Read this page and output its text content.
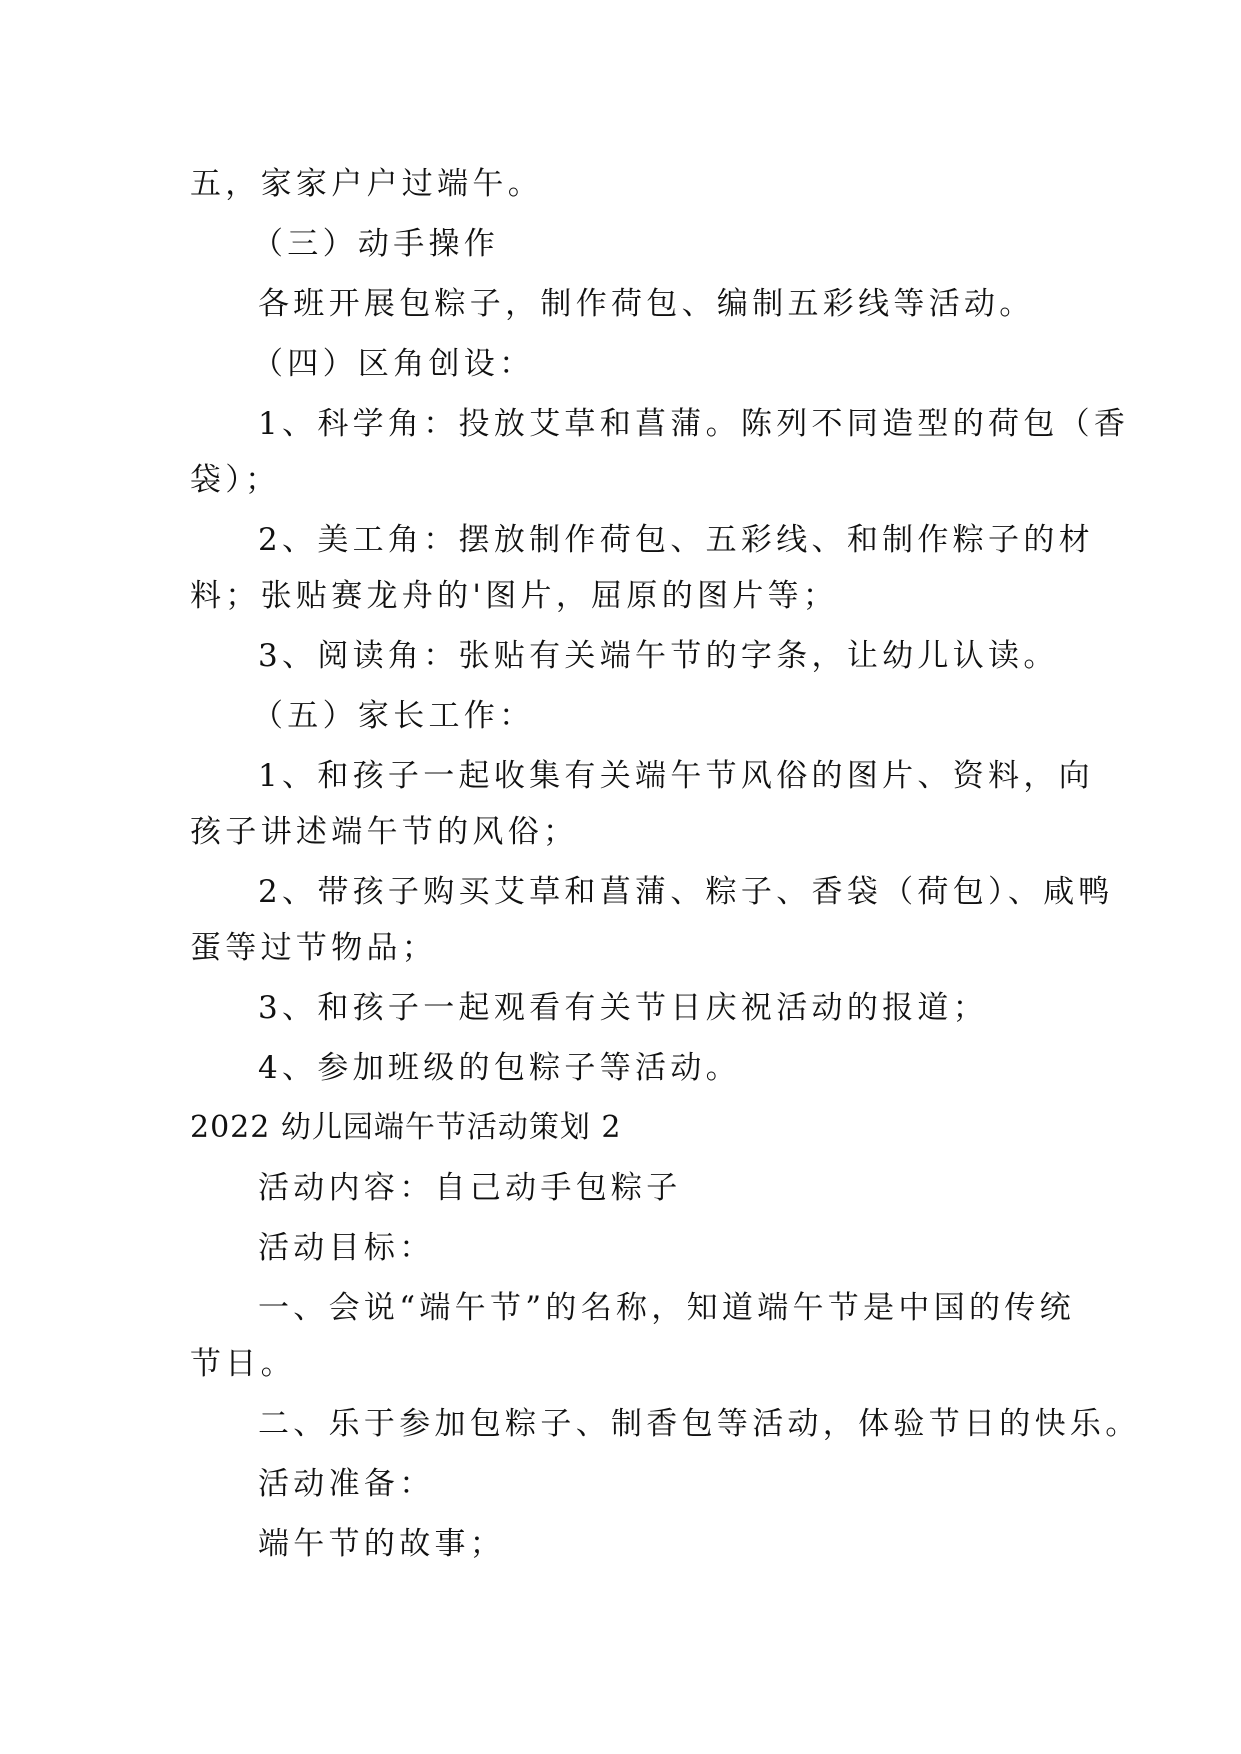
五，家家户户过端午。
（三）动手操作
各班开展包粽子，制作荷包、编制五彩线等活动。
（四）区角创设：
1、科学角：投放艾草和菖蒲。陈列不同造型的荷包（香
袋）；
2、美工角：摆放制作荷包、五彩线、和制作粽子的材
料；张贴赛龙舟的'图片，屈原的图片等；
3、阅读角：张贴有关端午节的字条，让幼儿认读。
（五）家长工作：
1、和孩子一起收集有关端午节风俗的图片、资料，向
孩子讲述端午节的风俗；
2、带孩子购买艾草和菖蒲、粽子、香袋（荷包）、咸鸭
蛋等过节物品；
3、和孩子一起观看有关节日庆祝活动的报道；
4、参加班级的包粽子等活动。
2022 幼儿园端午节活动策划 2
活动内容：自己动手包粽子
活动目标：
一、会说“端午节”的名称，知道端午节是中国的传统
节日。
二、乐于参加包粽子、制香包等活动，体验节日的快乐。
活动准备：
端午节的故事；
